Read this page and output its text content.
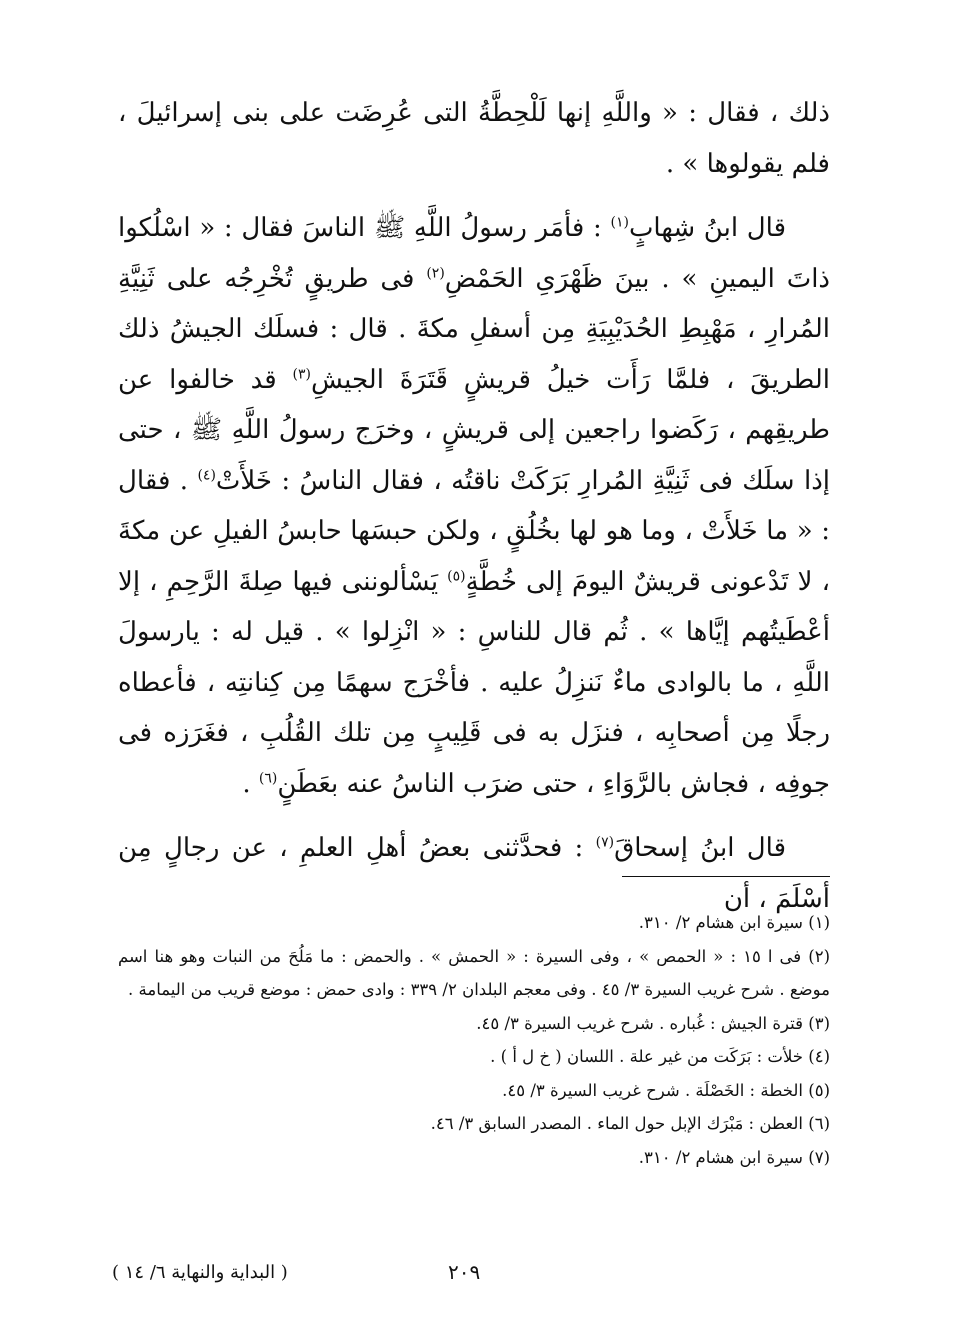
ذلك ، فقال : « واللَّهِ إنها لَلْحِطَّةُ التى عُرِضَت على بنى إسرائيلَ ، فلم يقولوها » .

قال ابنُ شِهابٍ$^{(١)}$ : فأمَر رسولُ اللَّهِ ﷺ الناسَ فقال : « اسْلُكوا ذاتَ اليمينِ » . بينَ ظَهْرَىِ الحَمْضِ$^{(٢)}$ فى طريقٍ تُخْرِجُه على ثَنِيَّةِ المُرارِ ، مَهْبِطِ الحُدَيْبِيَةِ مِن أسفلِ مكةَ . قال : فسلَك الجيشُ ذلك الطريقَ ، فلمَّا رَأَت خيلُ قريشٍ قَتَرَةَ الجيشِ$^{(٣)}$ قد خالفوا عن طريقِهم ، رَكَضوا راجعين إلى قريشٍ ، وخرَج رسولُ اللَّهِ ﷺ ، حتى إذا سلَك فى ثَنِيَّةِ المُرارِ بَرَكَتْ ناقتُه ، فقال الناسُ : خَلأَتْ$^{(٤)}$ . فقال : « ما خَلأَتْ ، وما هو لها بخُلُقٍ ، ولكن حبسَها حابسُ الفيلِ عن مكةَ ، لا تَدْعونى قريشٌ اليومَ إلى خُطَّةٍ$^{(٥)}$ يَسْألوننى فيها صِلةَ الرَّحِمِ ، إلا أعْطَيتُهم إيَّاها » . ثُم قال للناسِ : « انْزِلوا » . قيل له : يارسولَ اللَّهِ ، ما بالوادى ماءٌ نَنزِلُ عليه . فأخْرَج سهمًا مِن كِنانتِه ، فأعطاه رجلًا مِن أصحابِه ، فنزَل به فى قَلِيبٍ مِن تلك القُلُبِ ، فغَرَزه فى جوفِه ، فجاش بالرَّوَاءِ ، حتى ضرَب الناسُ عنه بعَطَنٍ$^{(٦)}$ .

قال ابنُ إسحاقَ$^{(٧)}$ : فحدَّثنى بعضُ أهلِ العلمِ ، عن رجالٍ مِن أسْلَمَ ، أن

(١) سيرة ابن هشام ٢/ ٣١٠.

(٢) فى ا ١٥ : « الحمص » ، وفى السيرة : « الحمش » . والحمض : ما مَلُحَ من النبات وهو هنا اسم موضع . شرح غريب السيرة ٣/ ٤٥ . وفى معجم البلدان ٢/ ٣٣٩ : وادى حمض : موضع قريب من اليمامة .

(٣) قترة الجيش : غُباره . شرح غريب السيرة ٣/ ٤٥.

(٤) خلأت : بَرَكَت من غير علة . اللسان ( خ ل أ ) .

(٥) الخطة : الخَصْلَة . شرح غريب السيرة ٣/ ٤٥.

(٦) العطن : مَبْرَك الإبل حول الماء . المصدر السابق ٣/ ٤٦.

(٧) سيرة ابن هشام ٢/ ٣١٠.

٢٠٩
( البداية والنهاية ٦/ ١٤ )
